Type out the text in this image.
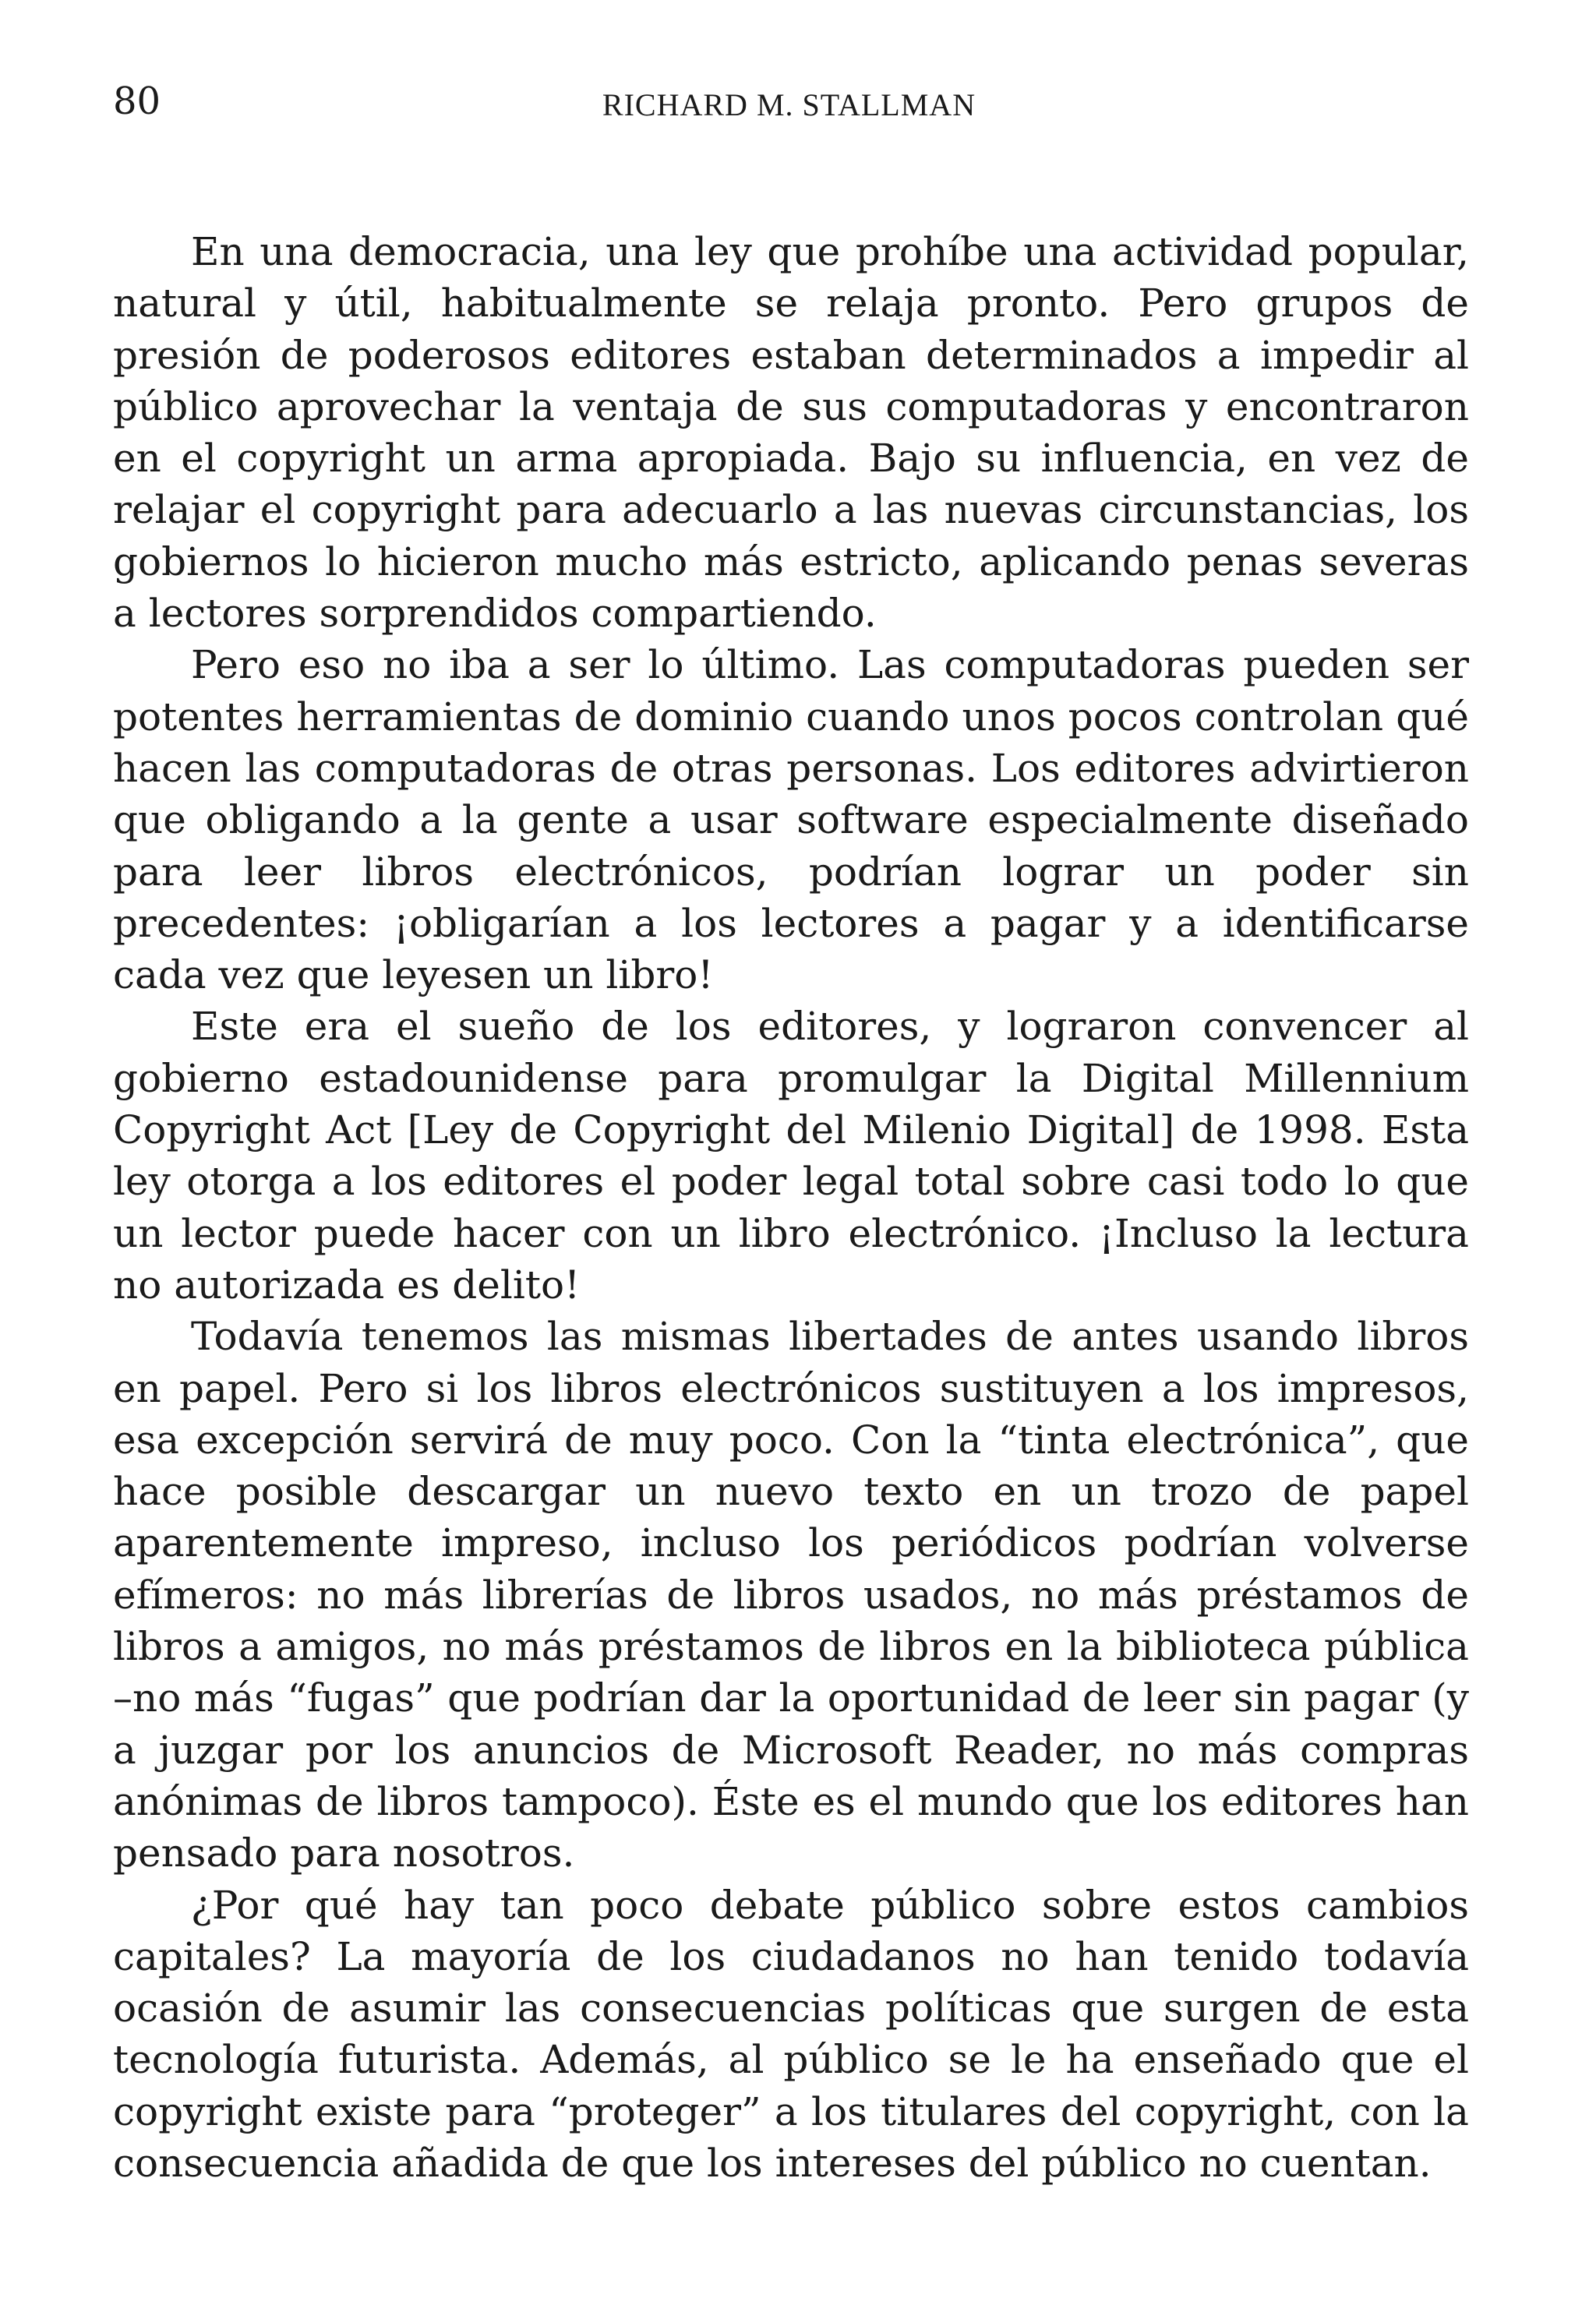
80	RICHARD M. STALLMAN

En una democracia, una ley que prohíbe una actividad popular, natural y útil, habitualmente se relaja pronto. Pero grupos de presión de poderosos editores estaban determinados a impedir al público aprovechar la ventaja de sus computadoras y encontraron en el copyright un arma apropiada. Bajo su influencia, en vez de relajar el copyright para adecuarlo a las nuevas circunstancias, los gobiernos lo hicieron mucho más estricto, aplicando penas severas a lectores sorprendidos compartiendo.

Pero eso no iba a ser lo último. Las computadoras pueden ser potentes herramientas de dominio cuando unos pocos controlan qué hacen las computadoras de otras personas. Los editores advirtieron que obligando a la gente a usar software especialmente diseñado para leer libros electrónicos, podrían lograr un poder sin precedentes: ¡obligarían a los lectores a pagar y a identificarse cada vez que leyesen un libro!

Este era el sueño de los editores, y lograron convencer al gobierno estadounidense para promulgar la Digital Millennium Copyright Act [Ley de Copyright del Milenio Digital] de 1998. Esta ley otorga a los editores el poder legal total sobre casi todo lo que un lector puede hacer con un libro electrónico. ¡Incluso la lectura no autorizada es delito!

Todavía tenemos las mismas libertades de antes usando libros en papel. Pero si los libros electrónicos sustituyen a los impresos, esa excepción servirá de muy poco. Con la “tinta electrónica”, que hace posible descargar un nuevo texto en un trozo de papel aparentemente impreso, incluso los periódicos podrían volverse efímeros: no más librerías de libros usados, no más préstamos de libros a amigos, no más préstamos de libros en la biblioteca pública –no más “fugas” que podrían dar la oportunidad de leer sin pagar (y a juzgar por los anuncios de Microsoft Reader, no más compras anónimas de libros tampoco). Éste es el mundo que los editores han pensado para nosotros.

¿Por qué hay tan poco debate público sobre estos cambios capitales? La mayoría de los ciudadanos no han tenido todavía ocasión de asumir las consecuencias políticas que surgen de esta tecnología futurista. Además, al público se le ha enseñado que el copyright existe para “proteger” a los titulares del copyright, con la consecuencia añadida de que los intereses del público no cuentan.
